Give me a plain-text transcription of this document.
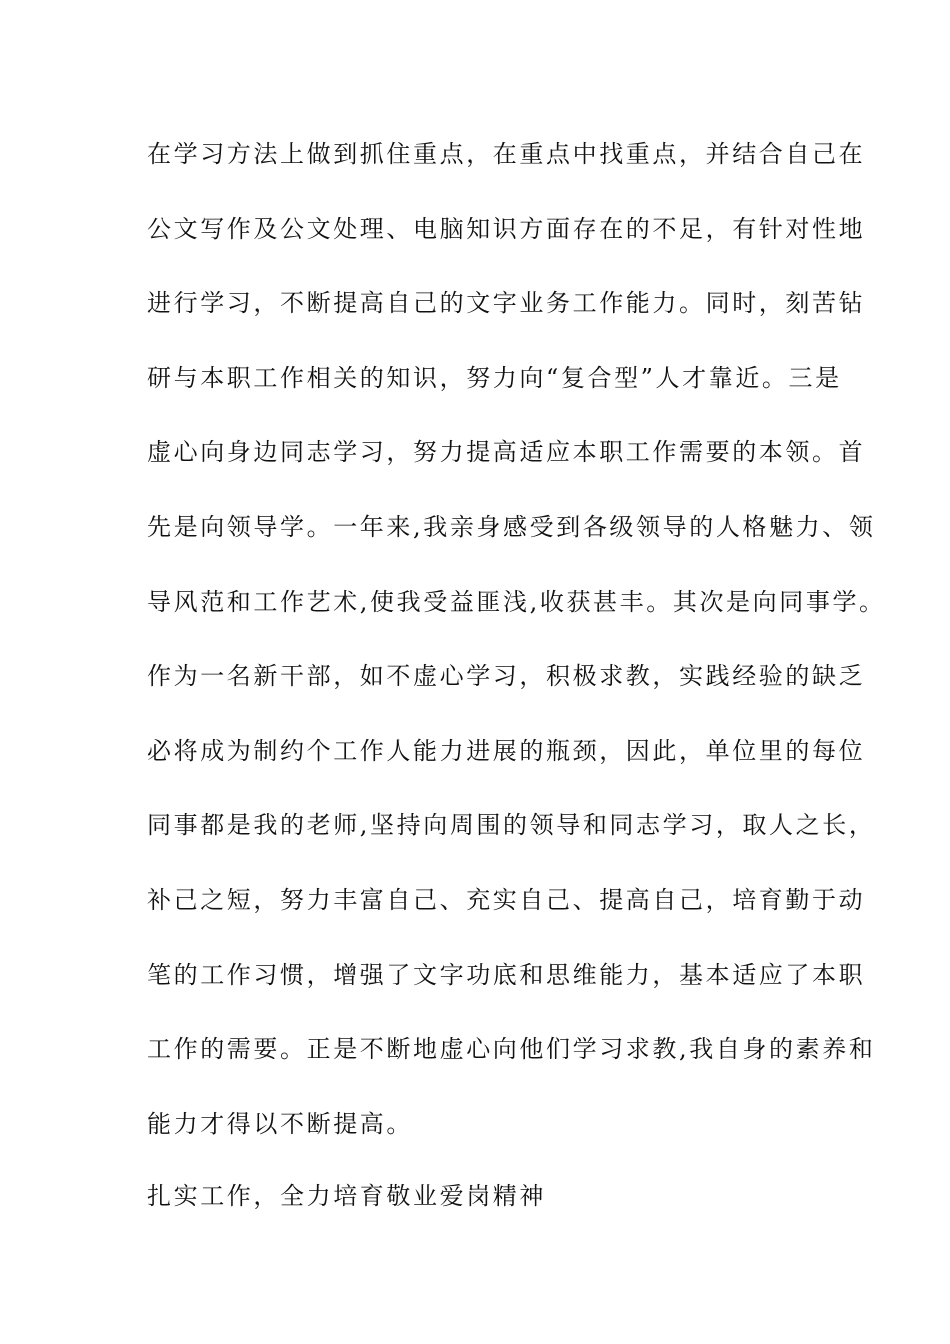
在学习方法上做到抓住重点，在重点中找重点，并结合自己在
公文写作及公文处理、电脑知识方面存在的不足，有针对性地
进行学习，不断提高自己的文字业务工作能力。同时，刻苦钻
研与本职工作相关的知识，努力向“复合型”人才靠近。三是
虚心向身边同志学习，努力提高适应本职工作需要的本领。首
先是向领导学。一年来,我亲身感受到各级领导的人格魅力、领
导风范和工作艺术,使我受益匪浅,收获甚丰。其次是向同事学。
作为一名新干部，如不虚心学习，积极求教，实践经验的缺乏
必将成为制约个工作人能力进展的瓶颈，因此，单位里的每位
同事都是我的老师,坚持向周围的领导和同志学习，取人之长，
补己之短，努力丰富自己、充实自己、提高自己，培育勤于动
笔的工作习惯，增强了文字功底和思维能力，基本适应了本职
工作的需要。正是不断地虚心向他们学习求教,我自身的素养和
能力才得以不断提高。
扎实工作，全力培育敬业爱岗精神
